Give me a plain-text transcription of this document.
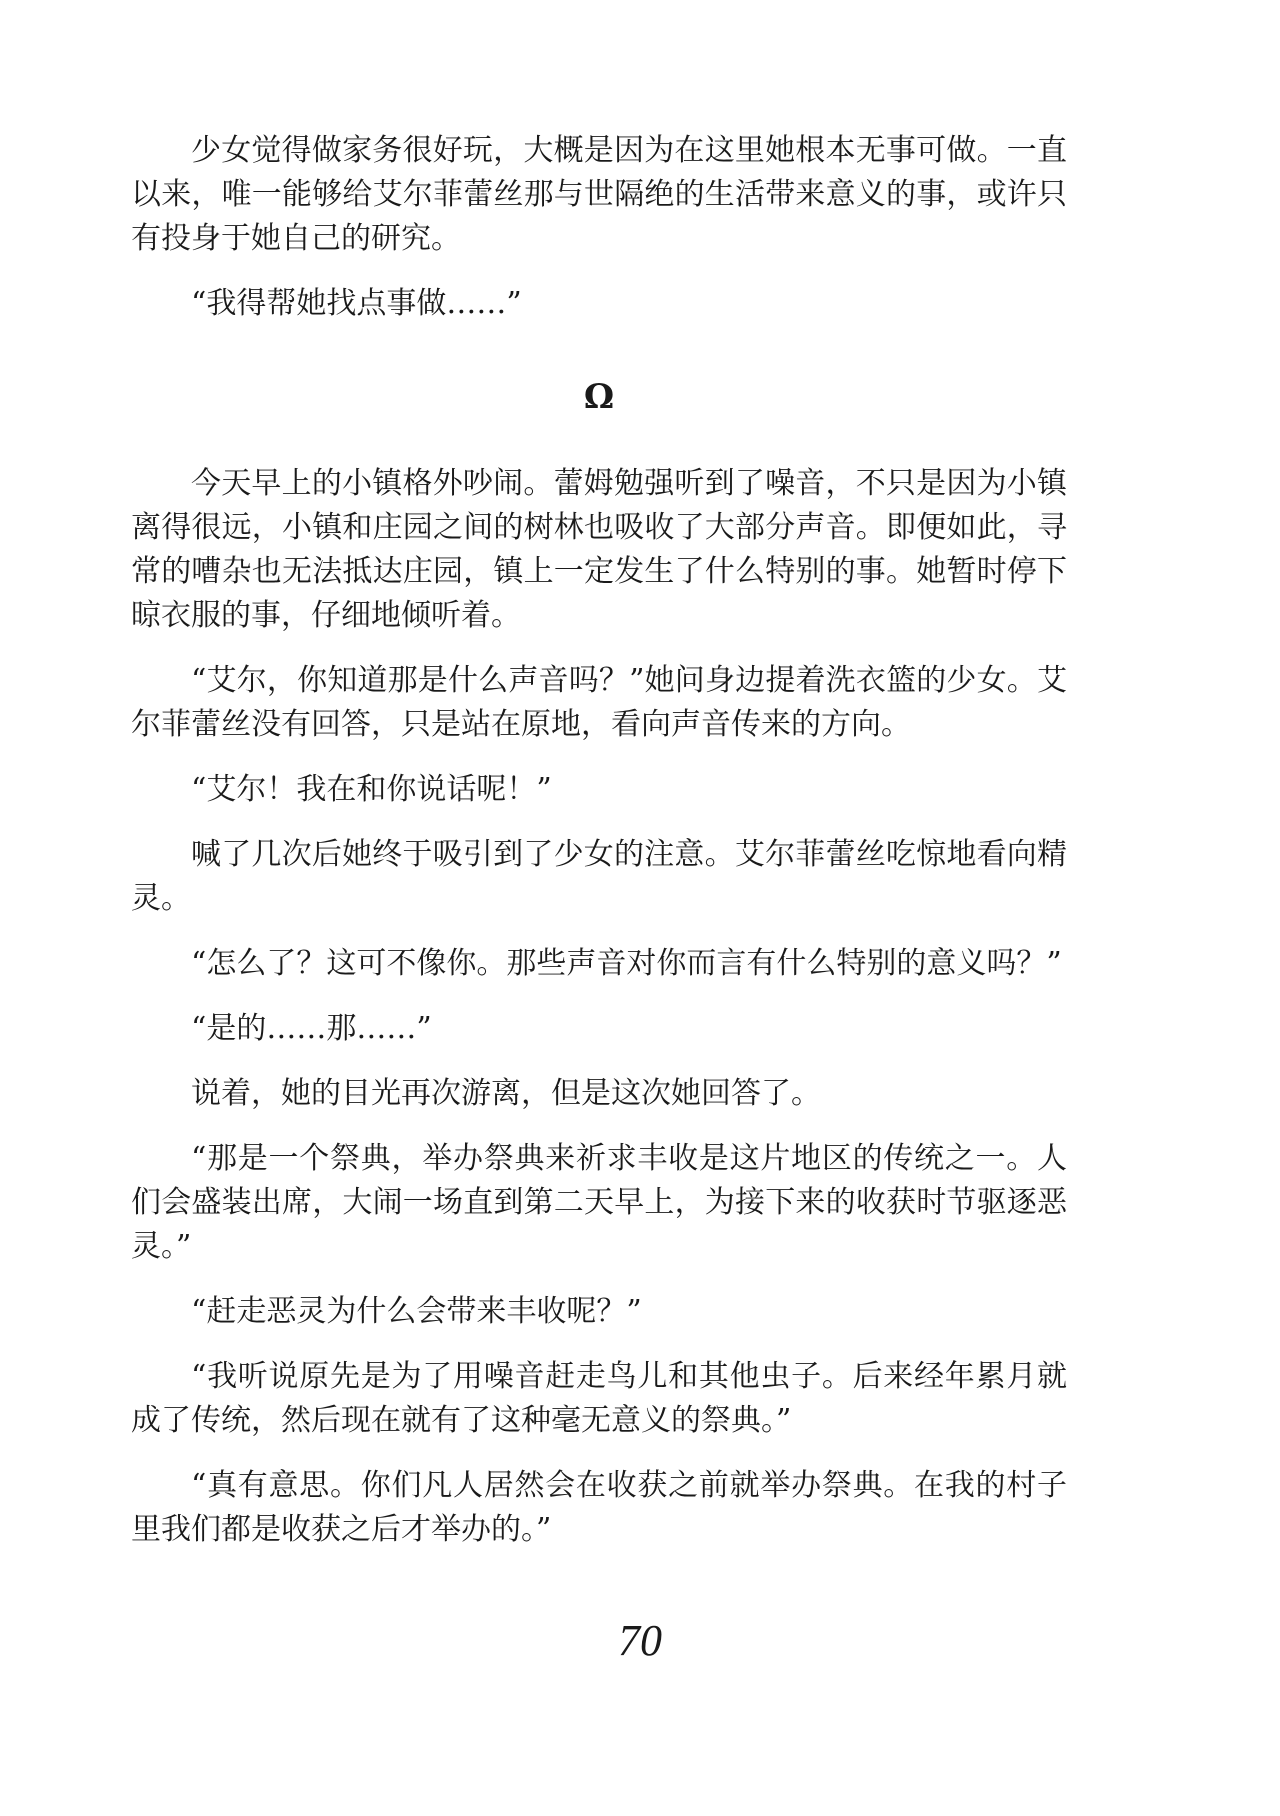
少女觉得做家务很好玩，大概是因为在这里她根本无事可做。一直以来，唯一能够给艾尔菲蕾丝那与世隔绝的生活带来意义的事，或许只有投身于她自己的研究。

“我得帮她找点事做……”

Ω

今天早上的小镇格外吵闹。蕾姆勉强听到了噪音，不只是因为小镇离得很远，小镇和庄园之间的树林也吸收了大部分声音。即便如此，寻常的嘈杂也无法抵达庄园，镇上一定发生了什么特别的事。她暂时停下晾衣服的事，仔细地倾听着。

“艾尔，你知道那是什么声音吗？”她问身边提着洗衣篮的少女。艾尔菲蕾丝没有回答，只是站在原地，看向声音传来的方向。

“艾尔！我在和你说话呢！”

喊了几次后她终于吸引到了少女的注意。艾尔菲蕾丝吃惊地看向精灵。

“怎么了？这可不像你。那些声音对你而言有什么特别的意义吗？”

“是的……那……”

说着，她的目光再次游离，但是这次她回答了。

“那是一个祭典，举办祭典来祈求丰收是这片地区的传统之一。人们会盛装出席，大闹一场直到第二天早上，为接下来的收获时节驱逐恶灵。”

“赶走恶灵为什么会带来丰收呢？”

“我听说原先是为了用噪音赶走鸟儿和其他虫子。后来经年累月就成了传统，然后现在就有了这种毫无意义的祭典。”

“真有意思。你们凡人居然会在收获之前就举办祭典。在我的村子里我们都是收获之后才举办的。”

70
